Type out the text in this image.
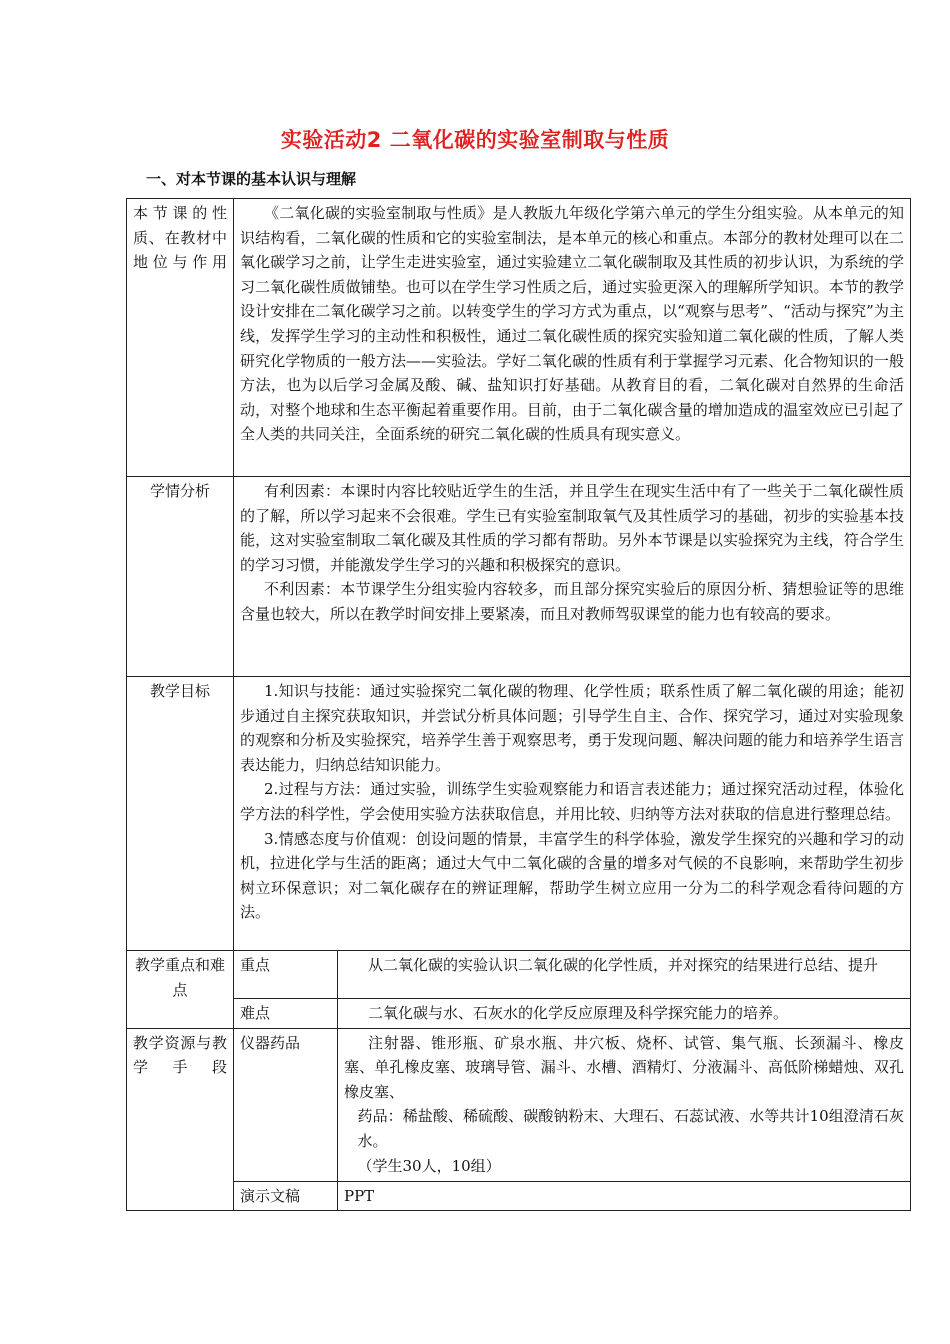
实验活动2 二氧化碳的实验室制取与性质
一、对本节课的基本认识与理解
本节课的性质、在教材中地位与作用	《二氧化碳的实验室制取与性质》是人教版九年级化学第六单元的学生分组实验。从本单元的知识结构看，二氧化碳的性质和它的实验室制法，是本单元的核心和重点。本部分的教材处理可以在二氧化碳学习之前，让学生走进实验室，通过实验建立二氧化碳制取及其性质的初步认识，为系统的学习二氧化碳性质做铺垫。也可以在学生学习性质之后，通过实验更深入的理解所学知识。本节的教学设计安排在二氧化碳学习之前。以转变学生的学习方式为重点，以“观察与思考”、“活动与探究”为主线，发挥学生学习的主动性和积极性，通过二氧化碳性质的探究实验知道二氧化碳的性质，了解人类研究化学物质的一般方法——实验法。学好二氧化碳的性质有利于掌握学习元素、化合物知识的一般方法，也为以后学习金属及酸、碱、盐知识打好基础。从教育目的看，二氧化碳对自然界的生命活动，对整个地球和生态平衡起着重要作用。目前，由于二氧化碳含量的增加造成的温室效应已引起了全人类的共同关注，全面系统的研究二氧化碳的性质具有现实意义。	

学情分析	有利因素：本课时内容比较贴近学生的生活，并且学生在现实生活中有了一些关于二氧化碳性质的了解，所以学习起来不会很难。学生已有实验室制取氧气及其性质学习的基础，初步的实验基本技能，这对实验室制取二氧化碳及其性质的学习都有帮助。另外本节课是以实验探究为主线，符合学生的学习习惯，并能激发学生学习的兴趣和积极探究的意识。

不利因素：本节课学生分组实验内容较多，而且部分探究实验后的原因分析、猜想验证等的思维含量也较大，所以在教学时间安排上要紧凑，而且对教师驾驭课堂的能力也有较高的要求。	

教学目标	1.知识与技能：通过实验探究二氧化碳的物理、化学性质；联系性质了解二氧化碳的用途；能初步通过自主探究获取知识，并尝试分析具体问题；引导学生自主、合作、探究学习，通过对实验现象的观察和分析及实验探究，培养学生善于观察思考，勇于发现问题、解决问题的能力和培养学生语言表达能力，归纳总结知识能力。

2.过程与方法：通过实验，训练学生实验观察能力和语言表述能力；通过探究活动过程，体验化学方法的科学性，学会使用实验方法获取信息，并用比较、归纳等方法对获取的信息进行整理总结。

3.情感态度与价值观：创设问题的情景，丰富学生的科学体验，激发学生探究的兴趣和学习的动机，拉进化学与生活的距离；通过大气中二氧化碳的含量的增多对气候的不良影响，来帮助学生初步树立环保意识；对二氧化碳存在的辨证理解，帮助学生树立应用一分为二的科学观念看待问题的方法。	

教学重点和难点	重点	从二氧化碳的实验认识二氧化碳的化学性质，并对探究的结果进行总结、提升

	难点	二氧化碳与水、石灰水的化学反应原理及科学探究能力的培养。

教学资源与教学手段	仪器药品	注射器、锥形瓶、矿泉水瓶、井穴板、烧杯、试管、集气瓶、长颈漏斗、橡皮塞、单孔橡皮塞、玻璃导管、漏斗、水槽、酒精灯、分液漏斗、高低阶梯蜡烛、双孔橡皮塞、

药品：稀盐酸、稀硫酸、碳酸钠粉末、大理石、石蕊试液、水等共计10组澄清石灰水。

（学生30人，10组）

	演示文稿	PPT
